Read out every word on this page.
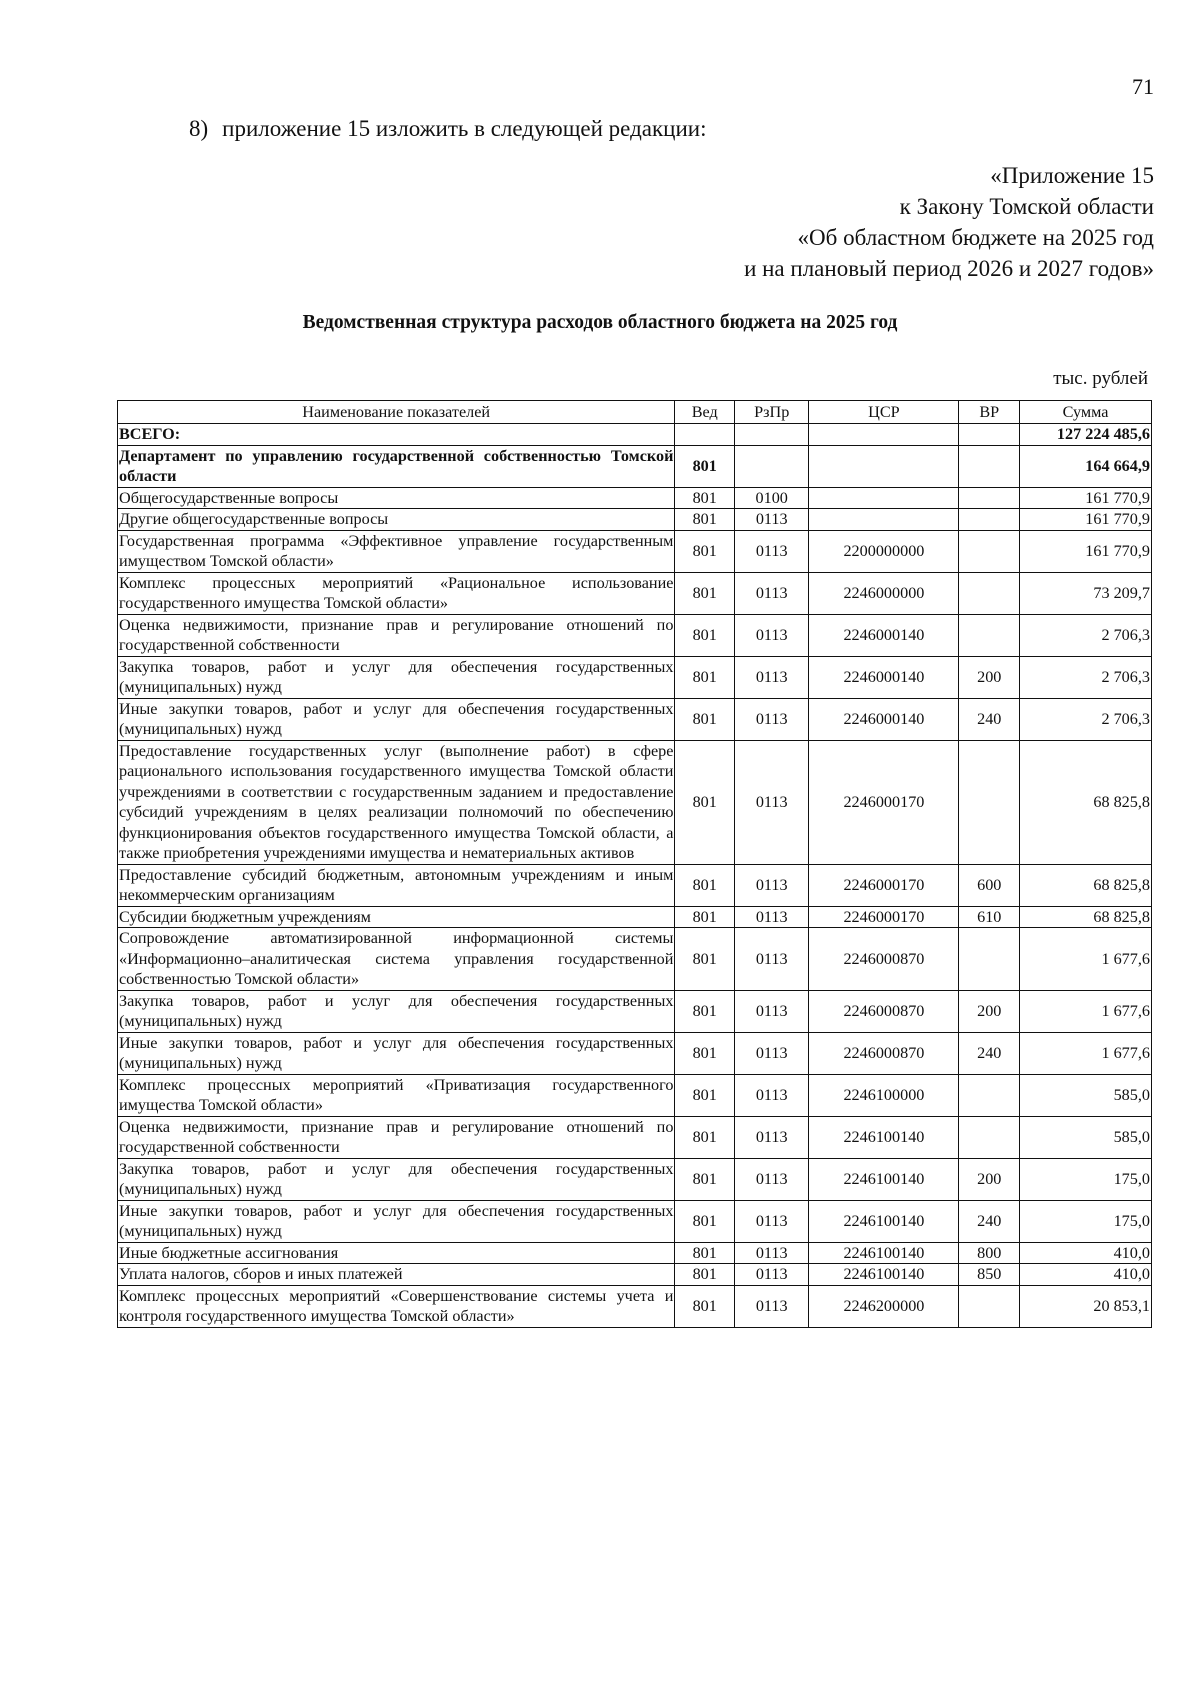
71
8) приложение 15 изложить в следующей редакции:
«Приложение 15
к Закону Томской области
«Об областном бюджете на 2025 год
и на плановый период 2026 и 2027 годов»
Ведомственная структура расходов областного бюджета на 2025 год
тыс. рублей
Наименование показателей	Вед	РзПр	ЦСР	ВР	Сумма
ВСЕГО:					127 224 485,6
Департамент по управлению государственной собственностью Томской области	801				164 664,9
Общегосударственные вопросы	801	0100			161 770,9
Другие общегосударственные вопросы	801	0113			161 770,9
Государственная программа «Эффективное управление государственным имуществом Томской области»	801	0113	2200000000		161 770,9
Комплекс процессных мероприятий «Рациональное использование государственного имущества Томской области»	801	0113	2246000000		73 209,7
Оценка недвижимости, признание прав и регулирование отношений по государственной собственности	801	0113	2246000140		2 706,3
Закупка товаров, работ и услуг для обеспечения государственных (муниципальных) нужд	801	0113	2246000140	200	2 706,3
Иные закупки товаров, работ и услуг для обеспечения государственных (муниципальных) нужд	801	0113	2246000140	240	2 706,3
Предоставление государственных услуг (выполнение работ) в сфере рационального использования государственного имущества Томской области учреждениями в соответствии с государственным заданием и предоставление субсидий учреждениям в целях реализации полномочий по обеспечению функционирования объектов государственного имущества Томской области, а также приобретения учреждениями имущества и нематериальных активов	801	0113	2246000170		68 825,8
Предоставление субсидий бюджетным, автономным учреждениям и иным некоммерческим организациям	801	0113	2246000170	600	68 825,8
Субсидии бюджетным учреждениям	801	0113	2246000170	610	68 825,8
Сопровождение автоматизированной информационной системы «Информационно–аналитическая система управления государственной собственностью Томской области»	801	0113	2246000870		1 677,6
Закупка товаров, работ и услуг для обеспечения государственных (муниципальных) нужд	801	0113	2246000870	200	1 677,6
Иные закупки товаров, работ и услуг для обеспечения государственных (муниципальных) нужд	801	0113	2246000870	240	1 677,6
Комплекс процессных мероприятий «Приватизация государственного имущества Томской области»	801	0113	2246100000		585,0
Оценка недвижимости, признание прав и регулирование отношений по государственной собственности	801	0113	2246100140		585,0
Закупка товаров, работ и услуг для обеспечения государственных (муниципальных) нужд	801	0113	2246100140	200	175,0
Иные закупки товаров, работ и услуг для обеспечения государственных (муниципальных) нужд	801	0113	2246100140	240	175,0
Иные бюджетные ассигнования	801	0113	2246100140	800	410,0
Уплата налогов, сборов и иных платежей	801	0113	2246100140	850	410,0
Комплекс процессных мероприятий «Совершенствование системы учета и контроля государственного имущества Томской области»	801	0113	2246200000		20 853,1
